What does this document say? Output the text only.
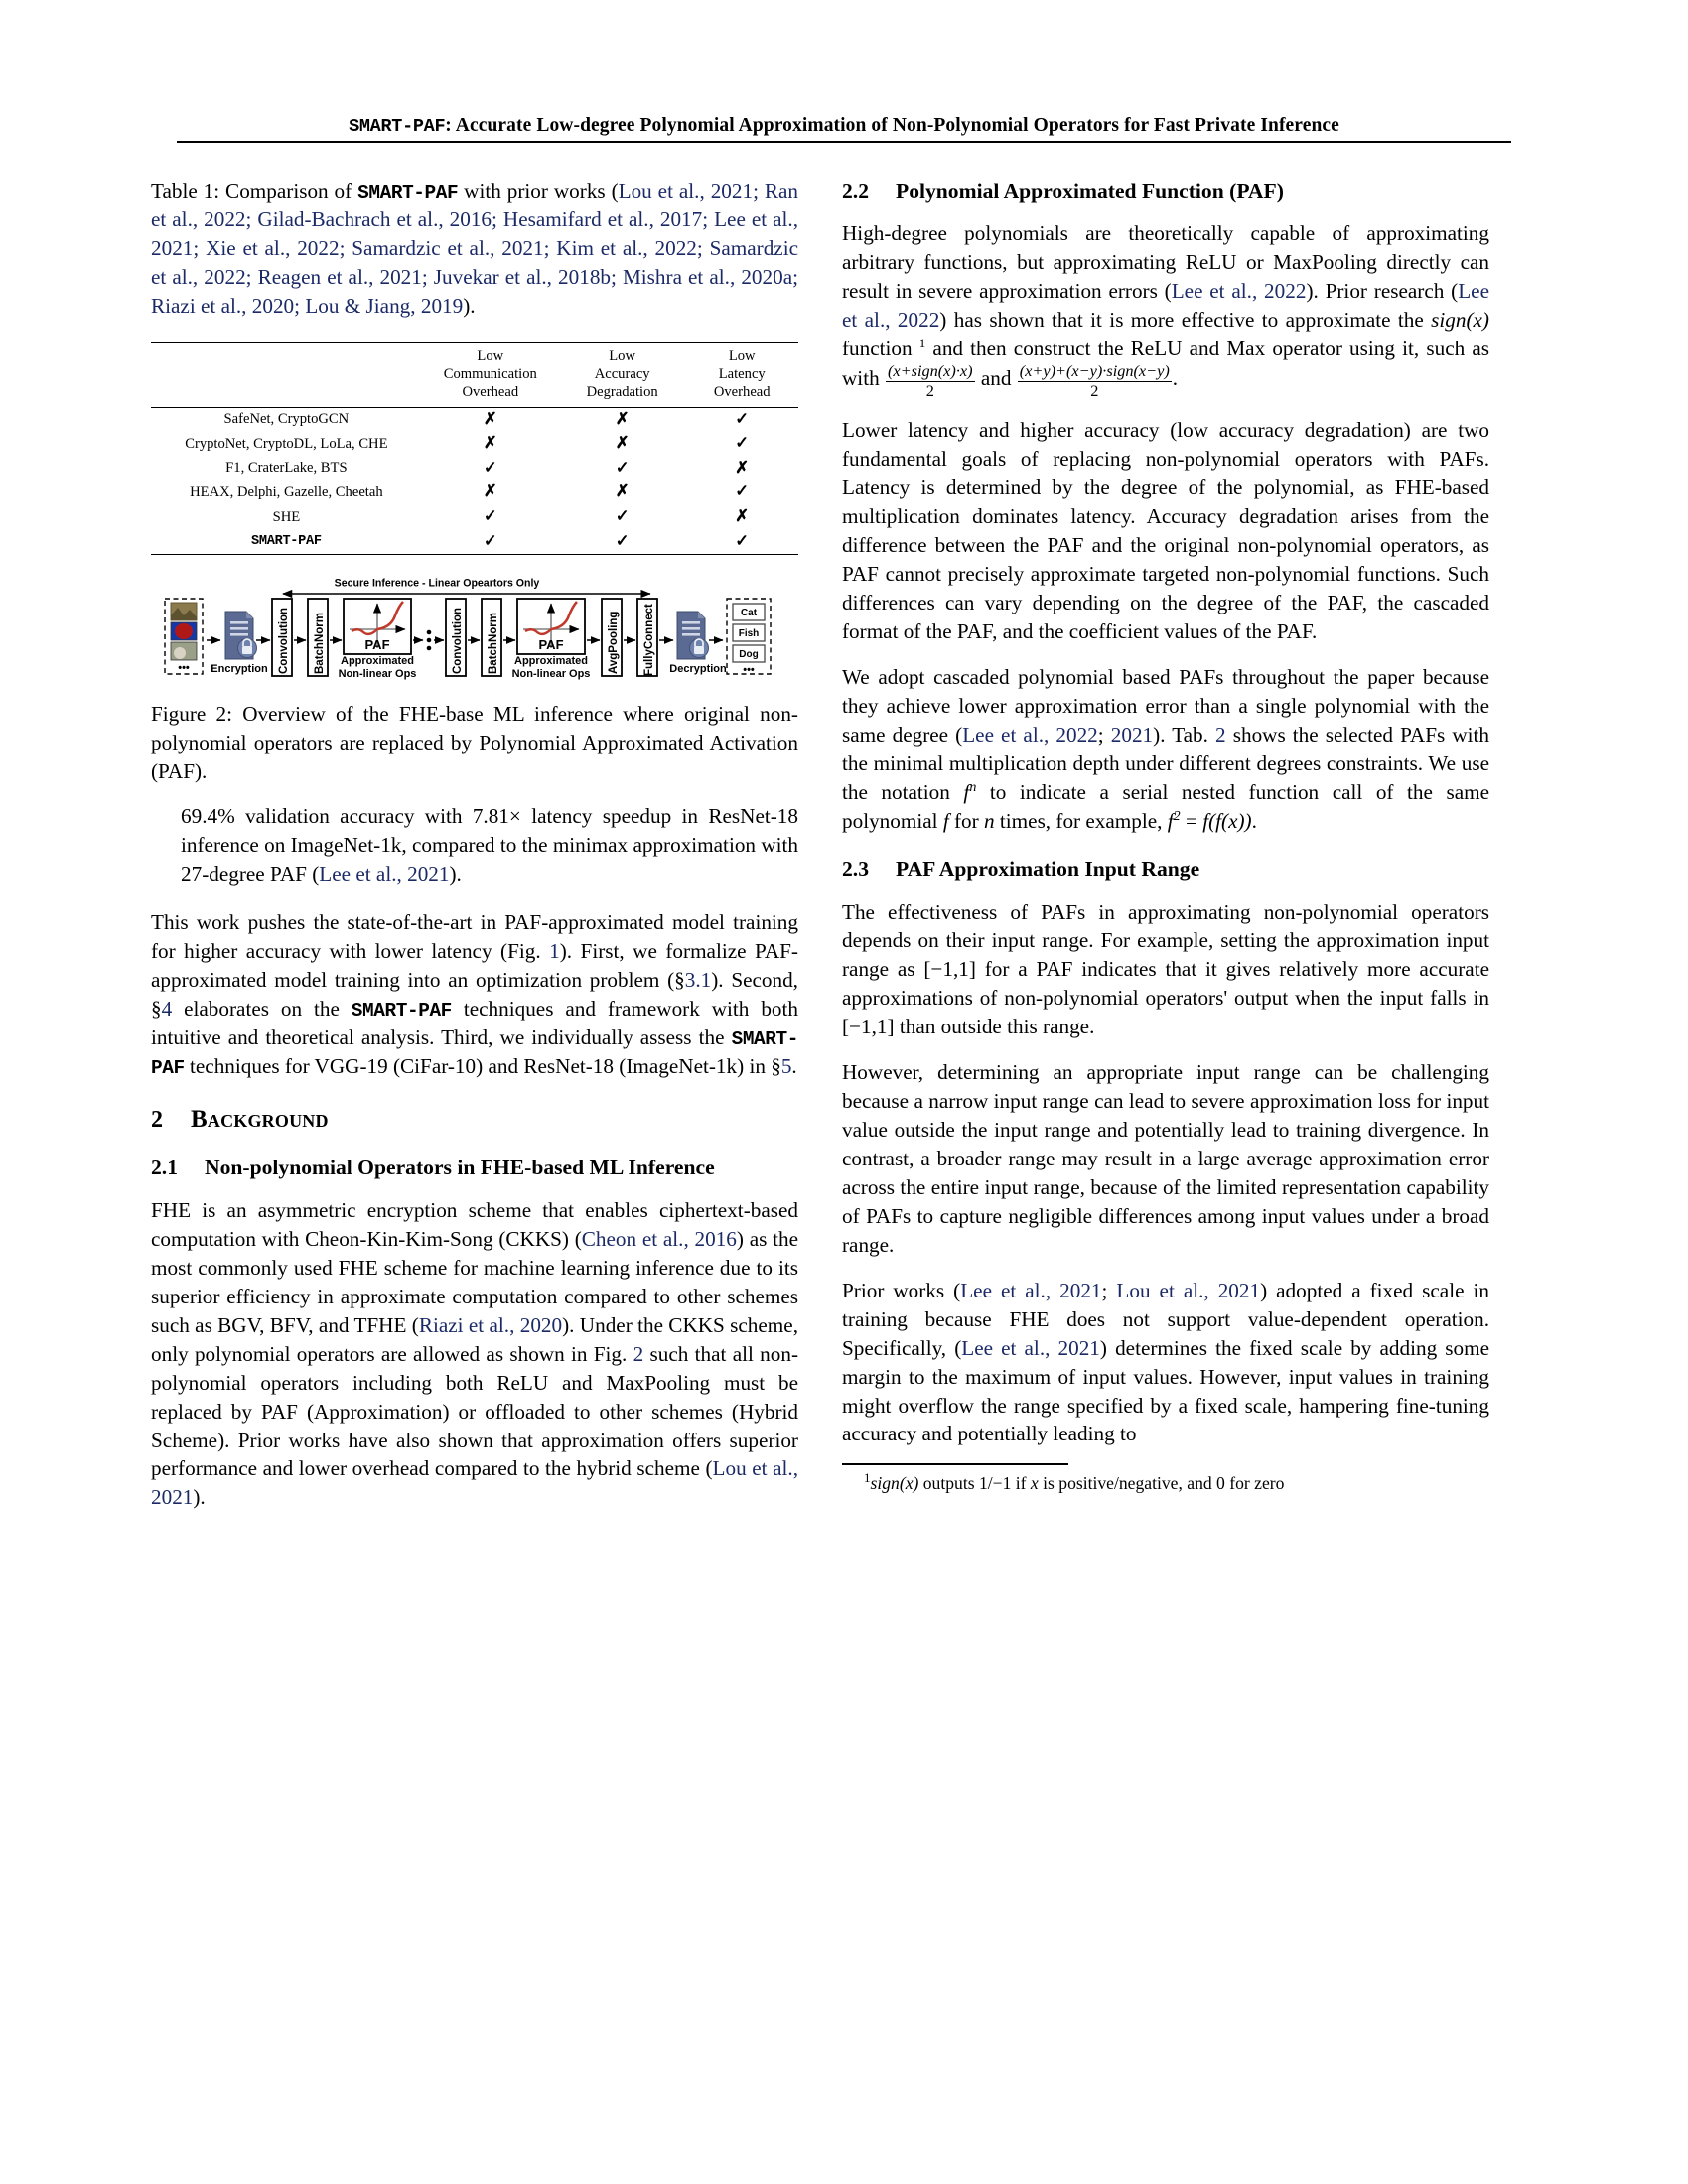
SMART-PAF: Accurate Low-degree Polynomial Approximation of Non-Polynomial Operators for Fast Private Inference
Table 1: Comparison of SMART-PAF with prior works (Lou et al., 2021; Ran et al., 2022; Gilad-Bachrach et al., 2016; Hesamifard et al., 2017; Lee et al., 2021; Xie et al., 2022; Samardzic et al., 2021; Kim et al., 2022; Samardzic et al., 2022; Reagen et al., 2021; Juvekar et al., 2018b; Mishra et al., 2020a; Riazi et al., 2020; Lou & Jiang, 2019).

	Low
Communication
Overhead	Low
Accuracy
Degradation	Low
Latency
Overhead

SafeNet, CryptoGCN	✗	✗	✓
CryptoNet, CryptoDL, LoLa, CHE	✗	✗	✓
F1, CraterLake, BTS	✓	✓	✗
HEAX, Delphi, Gazelle, Cheetah	✗	✗	✓
SHE	✓	✓	✗
SMART-PAF	✓	✓	✓

Secure Inference - Linear Opeartors Only
••• Encryption Convolution BatchNorm	PAF
Approximated
Non-linear Ops	Convolution BatchNorm	PAF
Approximated
Non-linear Ops AvgPooling FullyConnect Decryption
Cat
Fish
Dog
•••
Figure 2: Overview of the FHE-base ML inference where original non-polynomial operators are replaced by Polynomial Approximated Activation (PAF).
69.4% validation accuracy with 7.81× latency speedup in ResNet-18 inference on ImageNet-1k, compared to the minimax approximation with 27-degree PAF (Lee et al., 2021).

This work pushes the state-of-the-art in PAF-approximated model training for higher accuracy with lower latency (Fig. 1). First, we formalize PAF-approximated model training into an optimization problem (§3.1). Second, §4 elaborates on the SMART-PAF techniques and framework with both intuitive and theoretical analysis. Third, we individually assess the SMART-PAF techniques for VGG-19 (CiFar-10) and ResNet-18 (ImageNet-1k) in §5.

2 Background
2.1 Non-polynomial Operators in FHE-based ML Inference

FHE is an asymmetric encryption scheme that enables ciphertext-based computation with Cheon-Kin-Kim-Song (CKKS) (Cheon et al., 2016) as the most commonly used FHE scheme for machine learning inference due to its superior efficiency in approximate computation compared to other schemes such as BGV, BFV, and TFHE (Riazi et al., 2020). Under the CKKS scheme, only polynomial operators are allowed as shown in Fig. 2 such that all non-polynomial operators including both ReLU and MaxPooling must be replaced by PAF (Approximation) or offloaded to other schemes (Hybrid Scheme). Prior works have also shown that approximation offers superior performance and lower overhead compared to the hybrid scheme (Lou et al., 2021).

2.2 Polynomial Approximated Function (PAF)

High-degree polynomials are theoretically capable of approximating arbitrary functions, but approximating ReLU or MaxPooling directly can result in severe approximation errors (Lee et al., 2022). Prior research (Lee et al., 2022) has shown that it is more effective to approximate the sign(x) function $^1$ and then construct the ReLU and Max operator using it, such as with $\frac{\text{(x+sign(x)·x)}}{2}$ and $\frac{\text{(x+y)+(x−y)·sign(x−y)}}{2}$ .

Lower latency and higher accuracy (low accuracy degradation) are two fundamental goals of replacing non-polynomial operators with PAFs. Latency is determined by the degree of the polynomial, as FHE-based multiplication dominates latency. Accuracy degradation arises from the difference between the PAF and the original non-polynomial operators, as PAF cannot precisely approximate targeted non-polynomial functions. Such differences can vary depending on the degree of the PAF, the cascaded format of the PAF, and the coefficient values of the PAF.

We adopt cascaded polynomial based PAFs throughout the paper because they achieve lower approximation error than a single polynomial with the same degree (Lee et al., 2022; 2021). Tab. 2 shows the selected PAFs with the minimal multiplication depth under different degrees constraints. We use the notation $f^n$ to indicate a serial nested function call of the same polynomial f for n times, for example, $f^2 = f(f(x))$.

2.3 PAF Approximation Input Range

The effectiveness of PAFs in approximating non-polynomial operators depends on their input range. For example, setting the approximation input range as [−1,1] for a PAF indicates that it gives relatively more accurate approximations of non-polynomial operators' output when the input falls in [−1,1] than outside this range.

However, determining an appropriate input range can be challenging because a narrow input range can lead to severe approximation loss for input value outside the input range and potentially lead to training divergence. In contrast, a broader range may result in a large average approximation error across the entire input range, because of the limited representation capability of PAFs to capture negligible differences among input values under a broad range.

Prior works (Lee et al., 2021; Lou et al., 2021) adopted a fixed scale in training because FHE does not support value-dependent operation. Specifically, (Lee et al., 2021) determines the fixed scale by adding some margin to the maximum of input values. However, input values in training might overflow the range specified by a fixed scale, hampering fine-tuning accuracy and potentially leading to

$^1$sign(x) outputs 1/−1 if x is positive/negative, and 0 for zero
